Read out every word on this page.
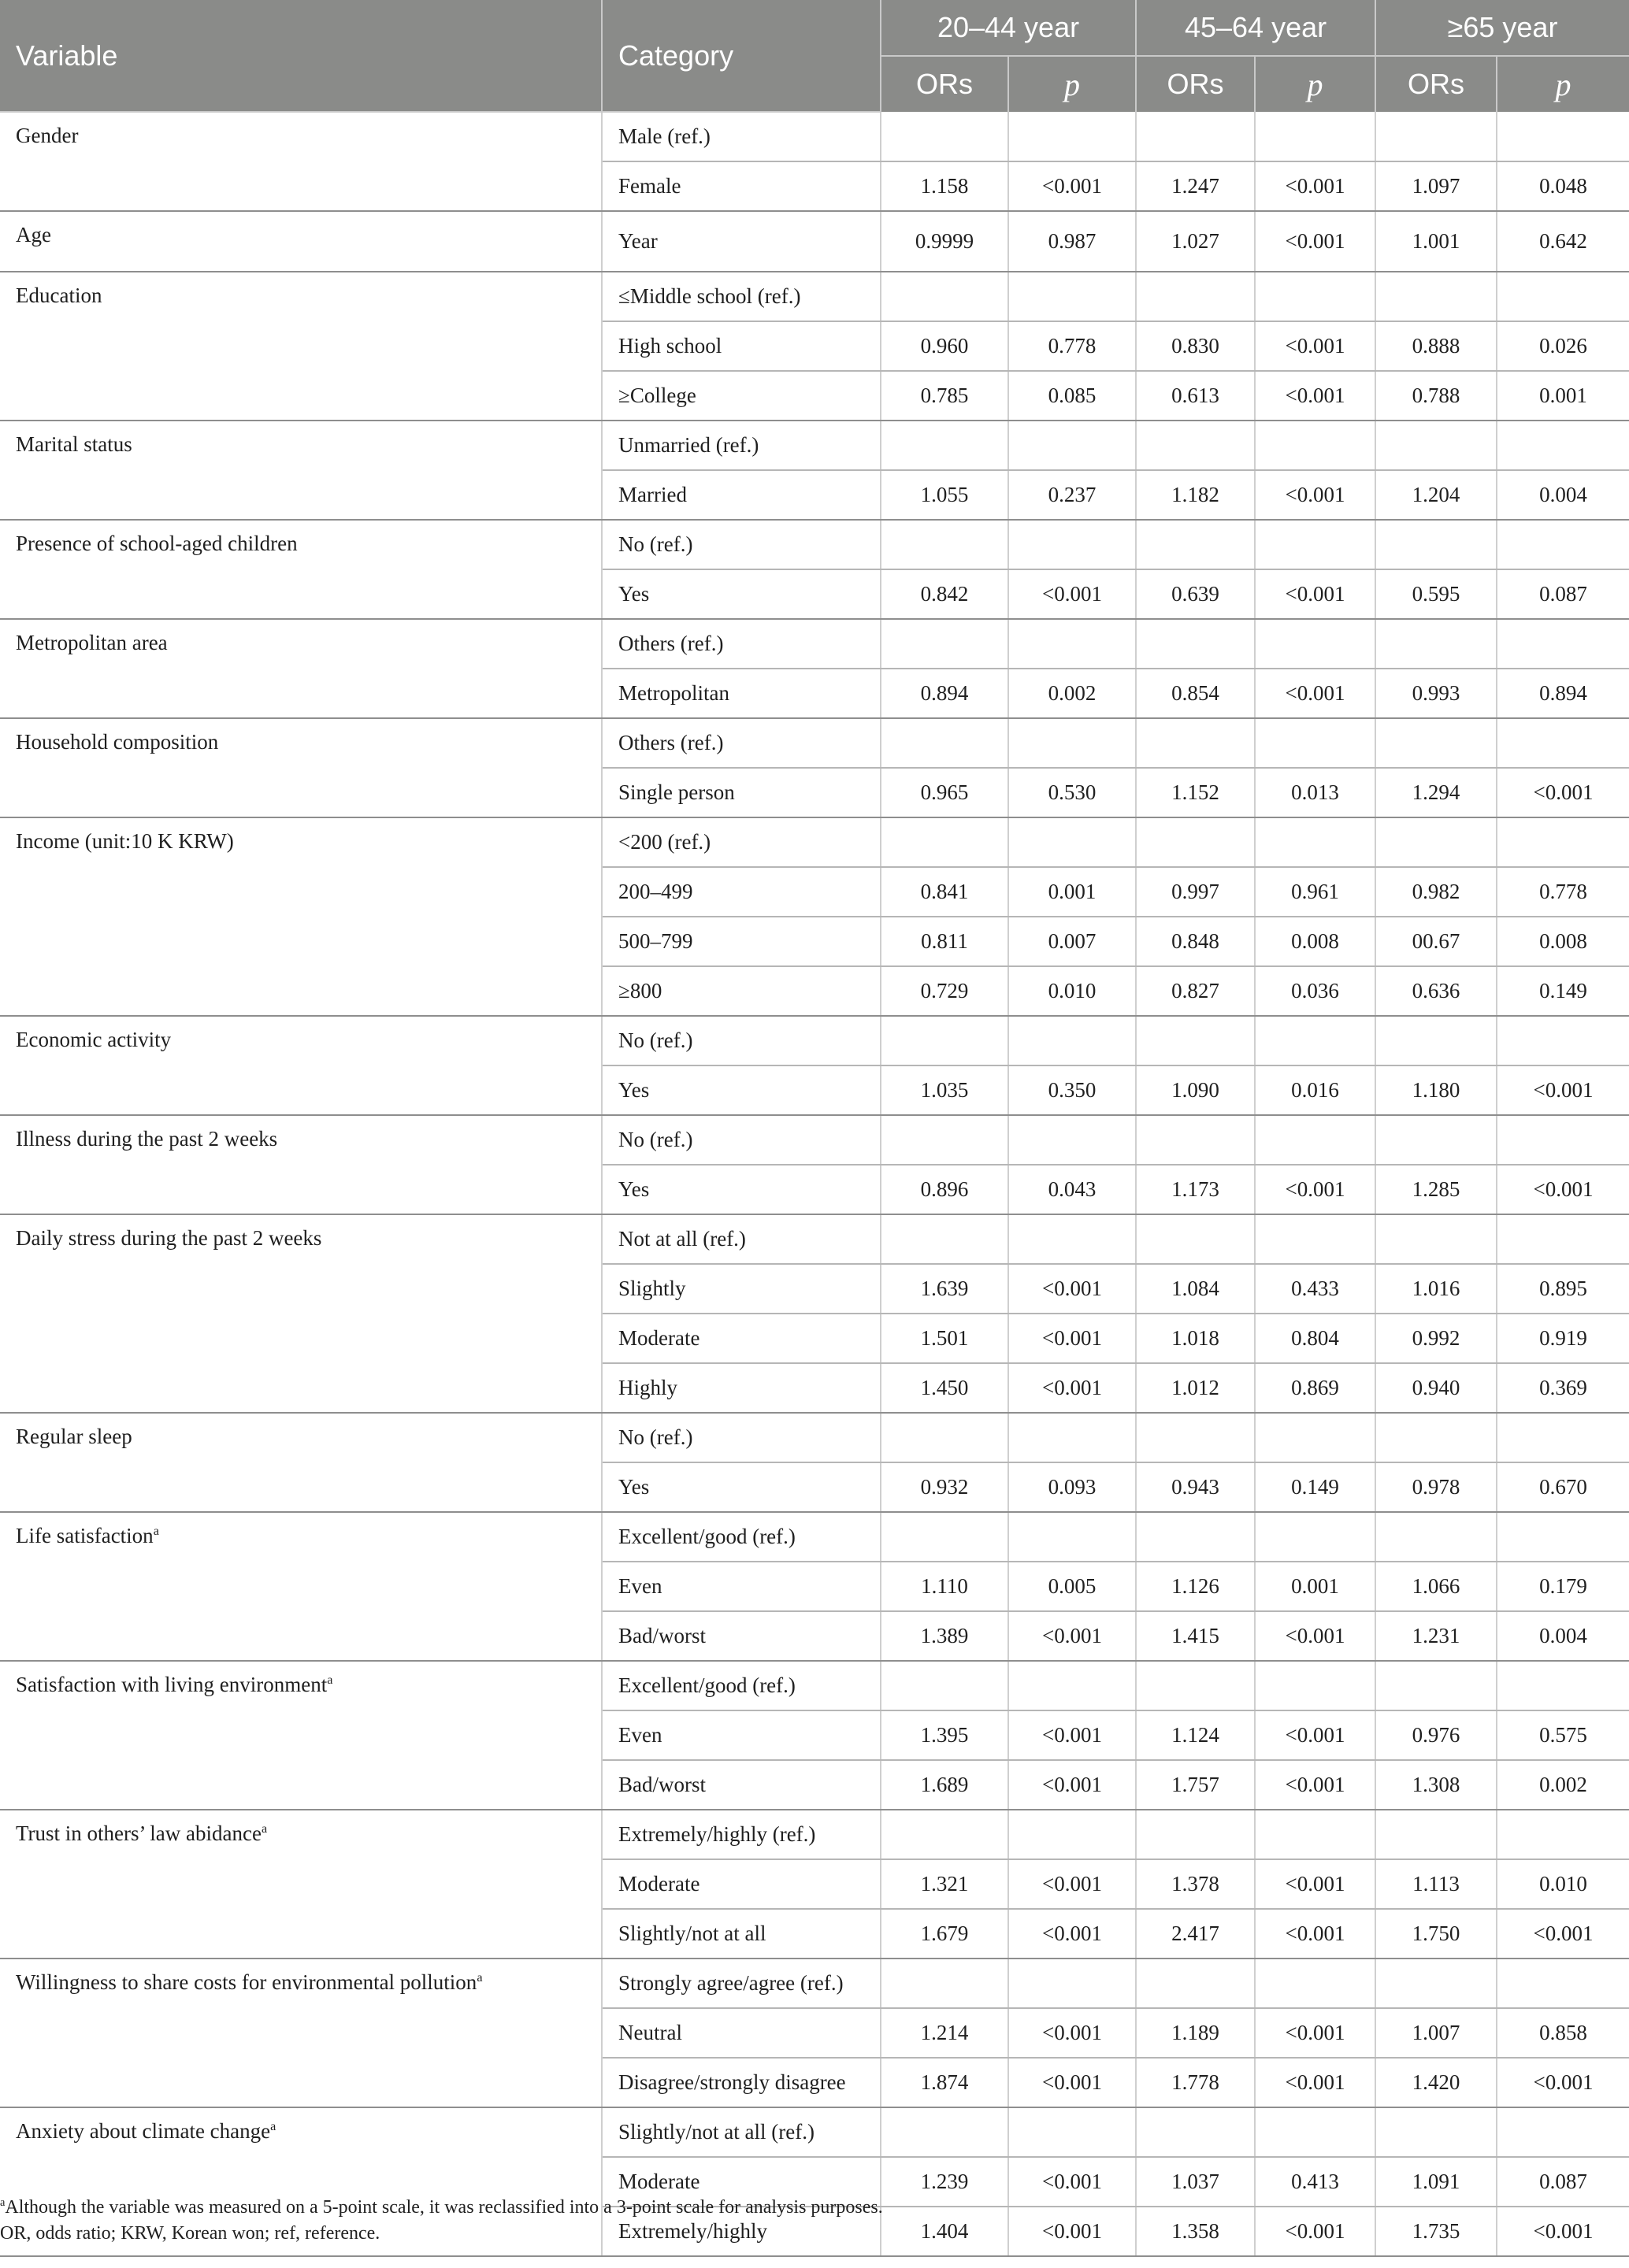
Variable	Category	20–44 year		45–64 year		≥65 year	
		ORs	p	ORs	p	ORs	p
Gender	Male (ref.)						
	Female	1.158	<0.001	1.247	<0.001	1.097	0.048
Age	Year	0.9999	0.987	1.027	<0.001	1.001	0.642
Education	≤Middle school (ref.)						
	High school	0.960	0.778	0.830	<0.001	0.888	0.026
	≥College	0.785	0.085	0.613	<0.001	0.788	0.001
Marital status	Unmarried (ref.)						
	Married	1.055	0.237	1.182	<0.001	1.204	0.004
Presence of school-aged children	No (ref.)						
	Yes	0.842	<0.001	0.639	<0.001	0.595	0.087
Metropolitan area	Others (ref.)						
	Metropolitan	0.894	0.002	0.854	<0.001	0.993	0.894
Household composition	Others (ref.)						
	Single person	0.965	0.530	1.152	0.013	1.294	<0.001
Income (unit:10 K KRW)	<200 (ref.)						
	200–499	0.841	0.001	0.997	0.961	0.982	0.778
	500–799	0.811	0.007	0.848	0.008	00.67	0.008
	≥800	0.729	0.010	0.827	0.036	0.636	0.149
Economic activity	No (ref.)						
	Yes	1.035	0.350	1.090	0.016	1.180	<0.001
Illness during the past 2 weeks	No (ref.)						
	Yes	0.896	0.043	1.173	<0.001	1.285	<0.001
Daily stress during the past 2 weeks	Not at all (ref.)						
	Slightly	1.639	<0.001	1.084	0.433	1.016	0.895
	Moderate	1.501	<0.001	1.018	0.804	0.992	0.919
	Highly	1.450	<0.001	1.012	0.869	0.940	0.369
Regular sleep	No (ref.)						
	Yes	0.932	0.093	0.943	0.149	0.978	0.670
Life satisfaction$^a$	Excellent/good (ref.)						
	Even	1.110	0.005	1.126	0.001	1.066	0.179
	Bad/worst	1.389	<0.001	1.415	<0.001	1.231	0.004
Satisfaction with living environment$^a$	Excellent/good (ref.)						
	Even	1.395	<0.001	1.124	<0.001	0.976	0.575
	Bad/worst	1.689	<0.001	1.757	<0.001	1.308	0.002
Trust in others’ law abidance$^a$	Extremely/highly (ref.)						
	Moderate	1.321	<0.001	1.378	<0.001	1.113	0.010
	Slightly/not at all	1.679	<0.001	2.417	<0.001	1.750	<0.001
Willingness to share costs for environmental pollution$^a$	Strongly agree/agree (ref.)						
	Neutral	1.214	<0.001	1.189	<0.001	1.007	0.858
	Disagree/strongly disagree	1.874	<0.001	1.778	<0.001	1.420	<0.001
Anxiety about climate change$^a$	Slightly/not at all (ref.)						
	Moderate	1.239	<0.001	1.037	0.413	1.091	0.087
	Extremely/highly	1.404	<0.001	1.358	<0.001	1.735	<0.001
$^a$Although the variable was measured on a 5-point scale, it was reclassified into a 3-point scale for analysis purposes.
OR, odds ratio; KRW, Korean won; ref, reference.
